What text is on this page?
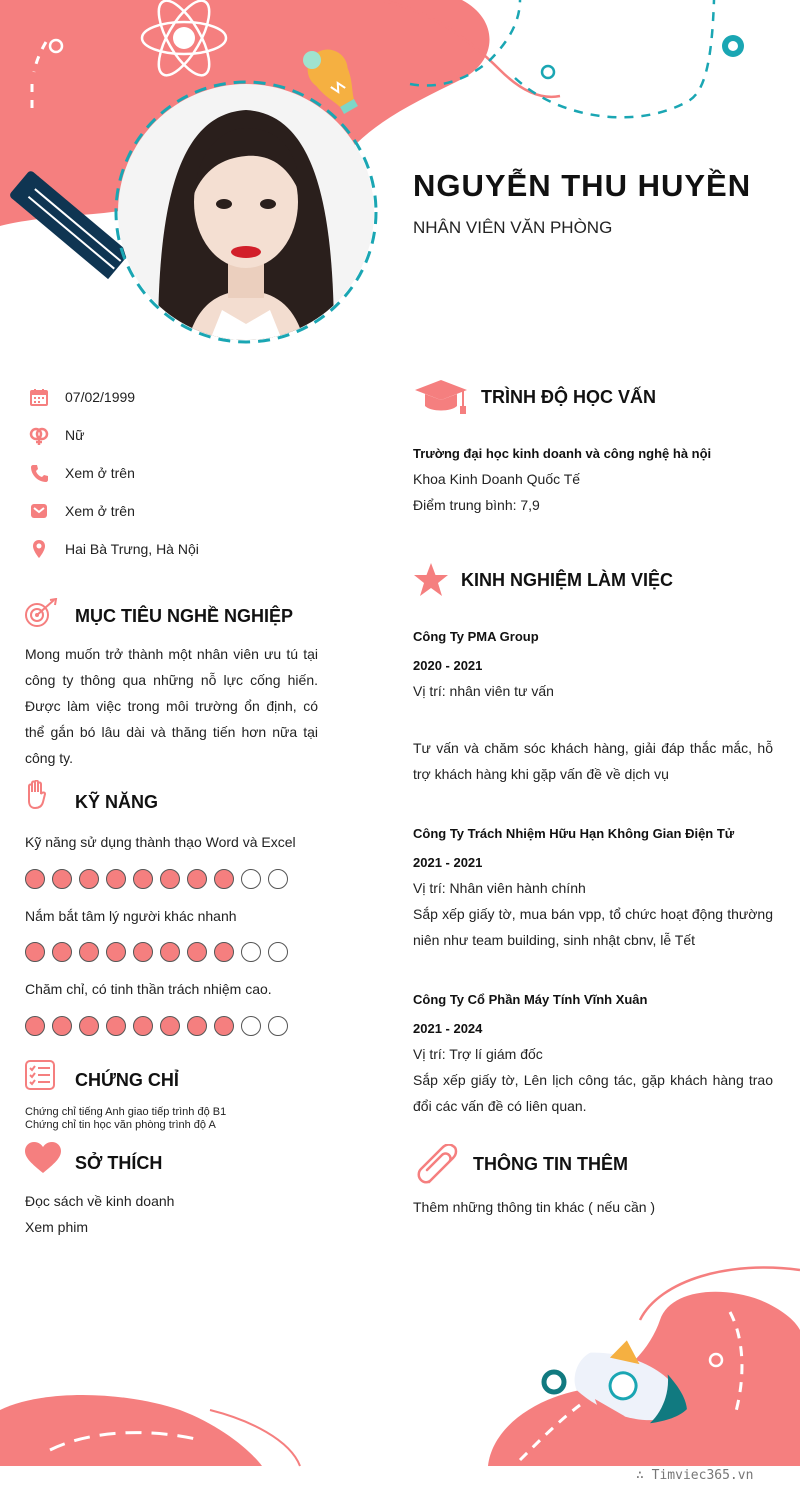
NGUYỄN THU HUYỀN
NHÂN VIÊN VĂN PHÒNG
07/02/1999
Nữ
Xem ở trên
Xem ở trên
Hai Bà Trưng, Hà Nội
MỤC TIÊU NGHỀ NGHIỆP
Mong muốn trở thành một nhân viên ưu tú tại công ty thông qua những nỗ lực cống hiến. Được làm việc trong môi trường ổn định, có thể gắn bó lâu dài và thăng tiến hơn nữa tại công ty.
KỸ NĂNG
Kỹ năng sử dụng thành thạo Word và Excel
Nắm bắt tâm lý người khác nhanh
Chăm chỉ, có tinh thần trách nhiệm cao.
CHỨNG CHỈ
Chứng chỉ tiếng Anh giao tiếp trình độ B1
Chứng chỉ tin học văn phòng trình độ A
SỞ THÍCH
Đọc sách về kinh doanh
Xem phim
TRÌNH ĐỘ HỌC VẤN
Trường đại học kinh doanh và công nghệ hà nội
Khoa Kinh Doanh Quốc Tế
Điểm trung bình: 7,9
KINH NGHIỆM LÀM VIỆC
Công Ty PMA Group
2020 - 2021
Vị trí: nhân viên tư vấn
Tư vấn và chăm sóc khách hàng, giải đáp thắc mắc, hỗ trợ khách hàng khi gặp vấn đề về dịch vụ
Công Ty Trách Nhiệm Hữu Hạn Không Gian Điện Tử
2021 - 2021
Vị trí: Nhân viên hành chính
Sắp xếp giấy tờ, mua bán vpp, tổ chức hoạt động thường niên như team building, sinh nhật cbnv, lễ Tết
Công Ty Cổ Phần Máy Tính Vĩnh Xuân
2021 - 2024
Vị trí: Trợ lí giám đốc
Sắp xếp giấy tờ, Lên lịch công tác, gặp khách hàng trao đổi các vấn đề có liên quan.
THÔNG TIN THÊM
Thêm những thông tin khác ( nếu cần )
∴ Timviec365.vn
